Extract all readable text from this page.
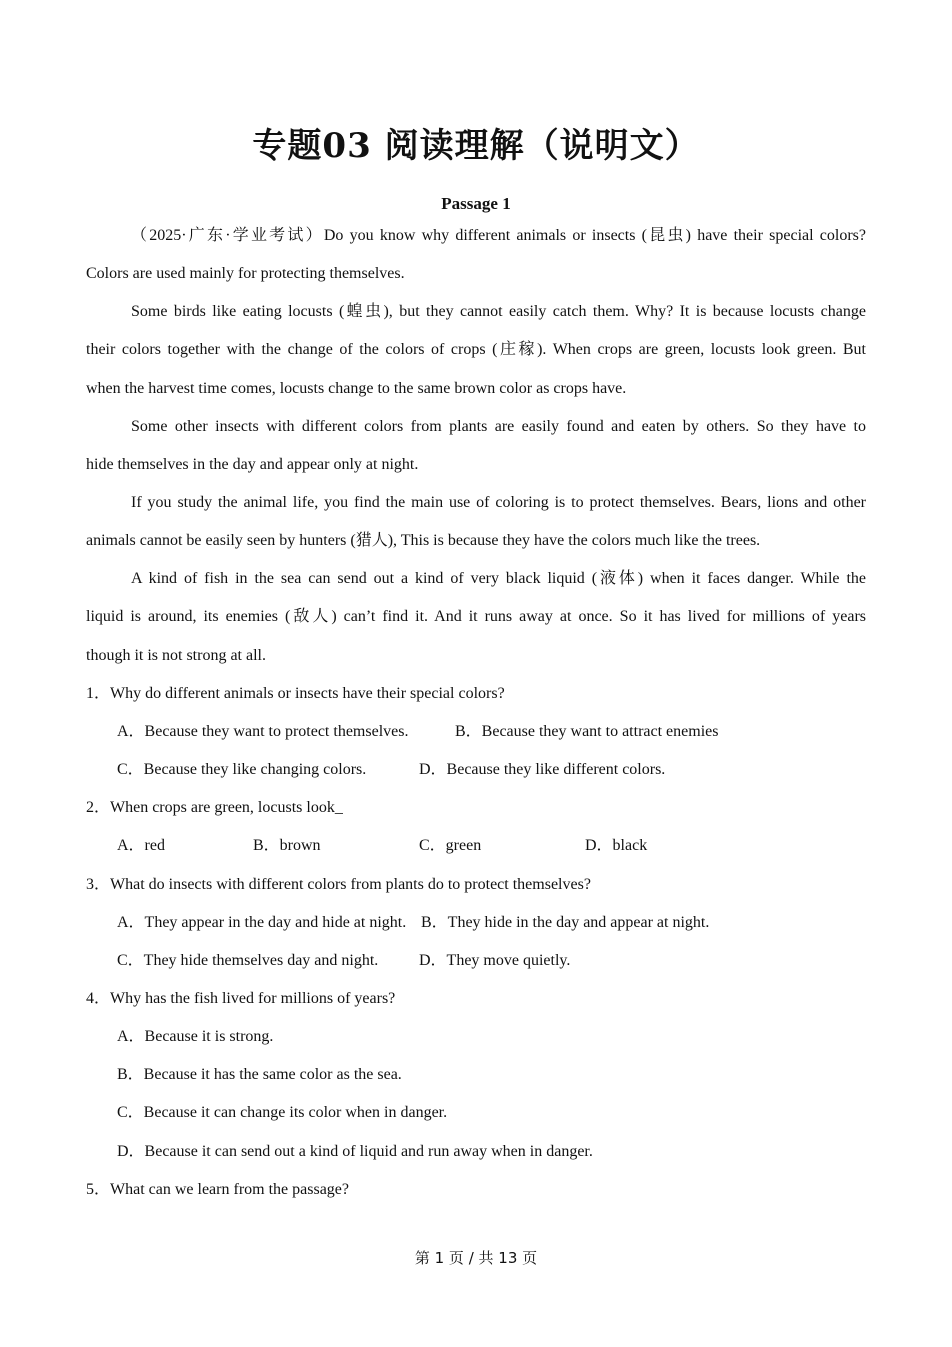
专题03 阅读理解（说明文）
Passage 1
（2025·广东·学业考试）Do you know why different animals or insects (昆虫) have their special colors?
Colors are used mainly for protecting themselves.
Some birds like eating locusts (蝗虫), but they cannot easily catch them. Why? It is because locusts change
their colors together with the change of the colors of crops (庄稼). When crops are green, locusts look green. But
when the harvest time comes, locusts change to the same brown color as crops have.
Some other insects with different colors from plants are easily found and eaten by others. So they have to
hide themselves in the day and appear only at night.
If you study the animal life, you find the main use of coloring is to protect themselves. Bears, lions and other
animals cannot be easily seen by hunters (猎人), This is because they have the colors much like the trees.
A kind of fish in the sea can send out a kind of very black liquid (液体) when it faces danger. While the
liquid is around, its enemies (敌人) can’t find it. And it runs away at once. So it has lived for millions of years
though it is not strong at all.
1．Why do different animals or insects have their special colors?
A．Because they want to protect themselves.	B．Because they want to attract enemies
C．Because they like changing colors.	D．Because they like different colors.
2．When crops are green, locusts look_
A．red	B．brown	C．green	D．black
3．What do insects with different colors from plants do to protect themselves?
A．They appear in the day and hide at night. B．They hide in the day and appear at night.
C．They hide themselves day and night.	D．They move quietly.
4．Why has the fish lived for millions of years?
A．Because it is strong.
B．Because it has the same color as the sea.
C．Because it can change its color when in danger.
D．Because it can send out a kind of liquid and run away when in danger.
5．What can we learn from the passage?
第 1 页 / 共 13 页
